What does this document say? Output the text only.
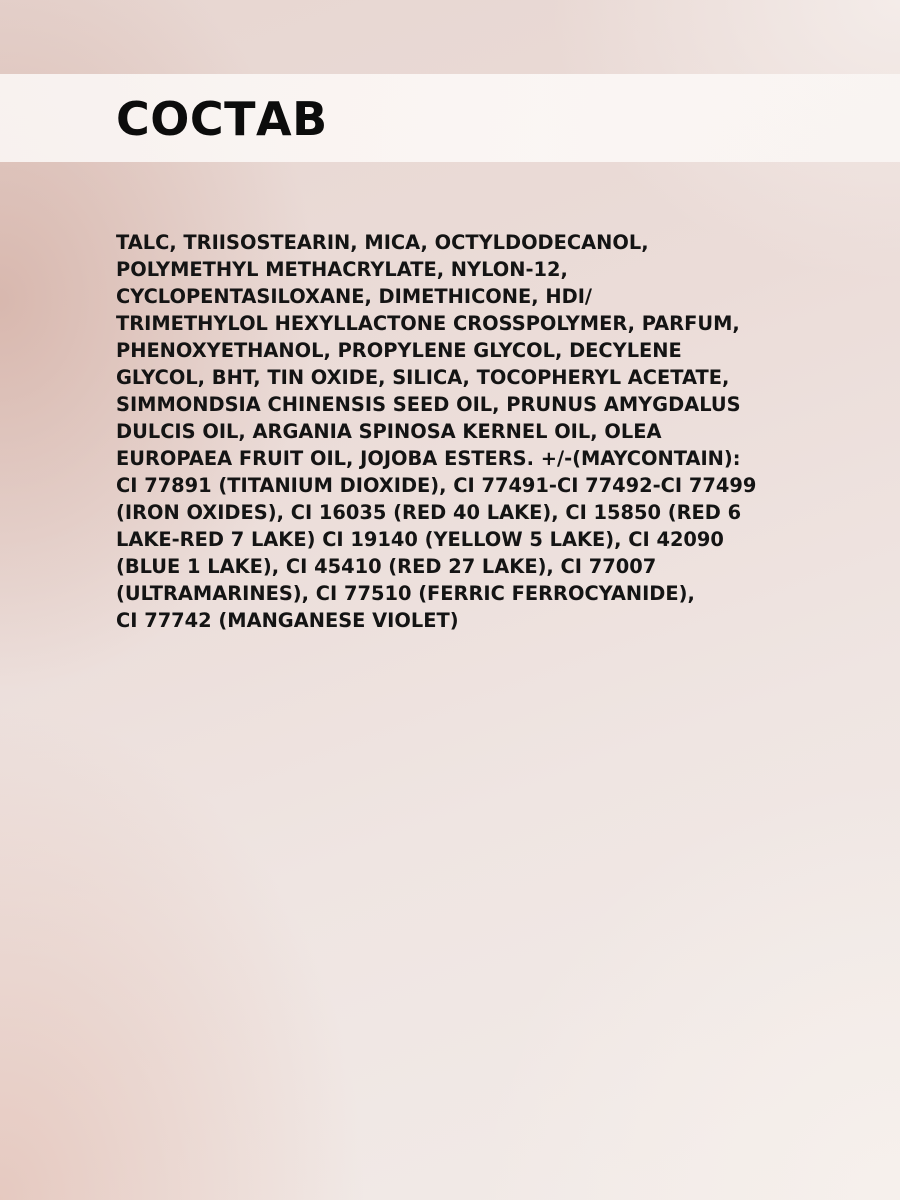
СОСТАВ
TALC, TRIISOSTEARIN, MICA, OCTYLDODECANOL,
POLYMETHYL METHACRYLATE, NYLON-12,
CYCLOPENTASILOXANE, DIMETHICONE, HDI/
TRIMETHYLOL HEXYLLACTONE CROSSPOLYMER, PARFUM,
PHENOXYETHANOL, PROPYLENE GLYCOL, DECYLENE
GLYCOL, BHT, TIN OXIDE, SILICA, TOCOPHERYL ACETATE,
SIMMONDSIA CHINENSIS SEED OIL, PRUNUS AMYGDALUS
DULCIS OIL, ARGANIA SPINOSA KERNEL OIL, OLEA
EUROPAEA FRUIT OIL, JOJOBA ESTERS. +/-(MAYCONTAIN):
CI 77891 (TITANIUM DIOXIDE), CI 77491-CI 77492-CI 77499
(IRON OXIDES), CI 16035 (RED 40 LAKE), CI 15850 (RED 6
LAKE-RED 7 LAKE) CI 19140 (YELLOW 5 LAKE), CI 42090
(BLUE 1 LAKE), CI 45410 (RED 27 LAKE), CI 77007
(ULTRAMARINES), CI 77510 (FERRIC FERROCYANIDE),
CI 77742 (MANGANESE VIOLET)
